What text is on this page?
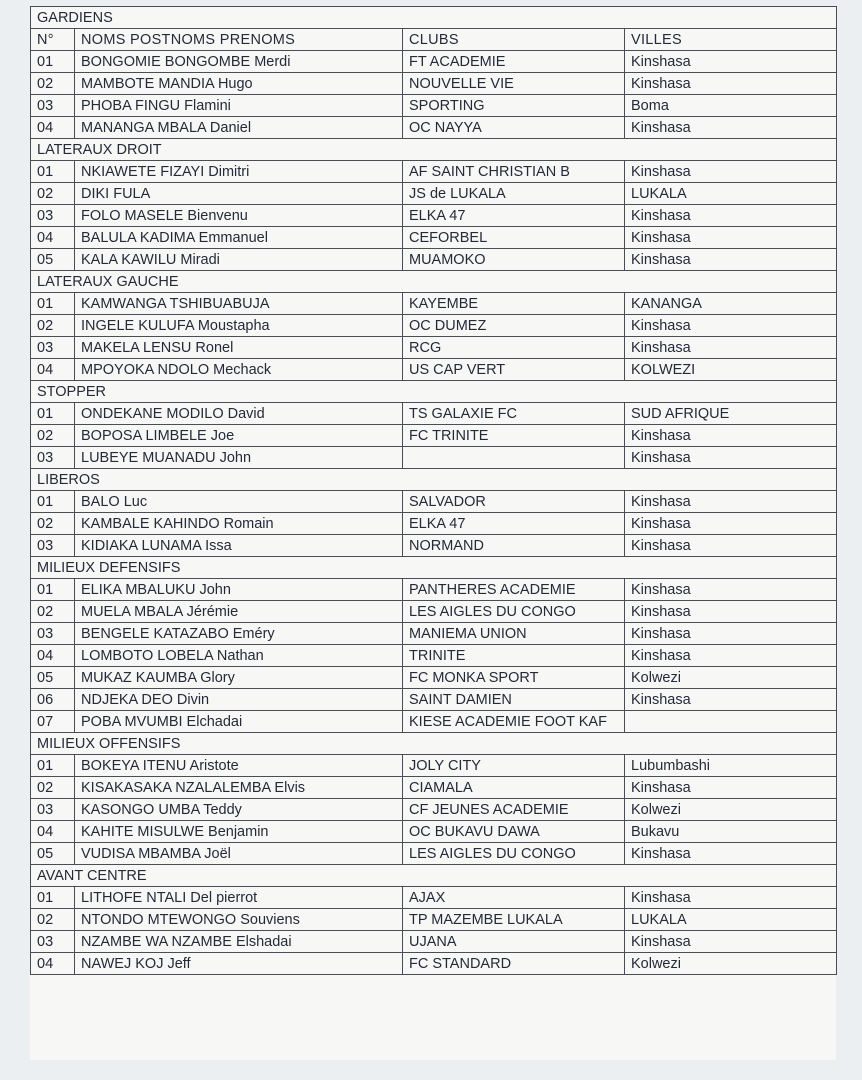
GARDIENS			
N°	NOMS POSTNOMS PRENOMS	CLUBS	VILLES
01	BONGOMIE BONGOMBE Merdi	FT ACADEMIE	Kinshasa
02	MAMBOTE MANDIA Hugo	NOUVELLE VIE	Kinshasa
03	PHOBA FINGU Flamini	SPORTING	Boma
04	MANANGA MBALA Daniel	OC NAYYA	Kinshasa
LATERAUX DROIT			
01	NKIAWETE FIZAYI Dimitri	AF SAINT CHRISTIAN B	Kinshasa
02	DIKI FULA	JS de LUKALA	LUKALA
03	FOLO MASELE Bienvenu	ELKA 47	Kinshasa
04	BALULA KADIMA Emmanuel	CEFORBEL	Kinshasa
05	KALA KAWILU Miradi	MUAMOKO	Kinshasa
LATERAUX GAUCHE			
01	KAMWANGA TSHIBUABUJA	KAYEMBE	KANANGA
02	INGELE KULUFA Moustapha	OC DUMEZ	Kinshasa
03	MAKELA LENSU Ronel	RCG	Kinshasa
04	MPOYOKA NDOLO Mechack	US CAP VERT	KOLWEZI
STOPPER			
01	ONDEKANE MODILO David	TS GALAXIE FC	SUD AFRIQUE
02	BOPOSA LIMBELE Joe	FC TRINITE	Kinshasa
03	LUBEYE MUANADU John		Kinshasa
LIBEROS			
01	BALO Luc	SALVADOR	Kinshasa
02	KAMBALE KAHINDO Romain	ELKA 47	Kinshasa
03	KIDIAKA LUNAMA Issa	NORMAND	Kinshasa
MILIEUX DEFENSIFS			
01	ELIKA MBALUKU John	PANTHERES ACADEMIE	Kinshasa
02	MUELA MBALA Jérémie	LES AIGLES DU CONGO	Kinshasa
03	BENGELE KATAZABO Eméry	MANIEMA UNION	Kinshasa
04	LOMBOTO LOBELA Nathan	TRINITE	Kinshasa
05	MUKAZ KAUMBA Glory	FC MONKA SPORT	Kolwezi
06	NDJEKA DEO Divin	SAINT DAMIEN	Kinshasa
07	POBA MVUMBI Elchadai	KIESE ACADEMIE FOOT KAF	
MILIEUX OFFENSIFS			
01	BOKEYA ITENU Aristote	JOLY CITY	Lubumbashi
02	KISAKASAKA NZALALEMBA Elvis	CIAMALA	Kinshasa
03	KASONGO UMBA Teddy	CF JEUNES ACADEMIE	Kolwezi
04	KAHITE MISULWE Benjamin	OC BUKAVU DAWA	Bukavu
05	VUDISA MBAMBA Joël	LES AIGLES DU CONGO	Kinshasa
AVANT CENTRE			
01	LITHOFE NTALI Del pierrot	AJAX	Kinshasa
02	NTONDO MTEWONGO Souviens	TP MAZEMBE LUKALA	LUKALA
03	NZAMBE WA NZAMBE Elshadai	UJANA	Kinshasa
04	NAWEJ KOJ Jeff	FC STANDARD	Kolwezi
